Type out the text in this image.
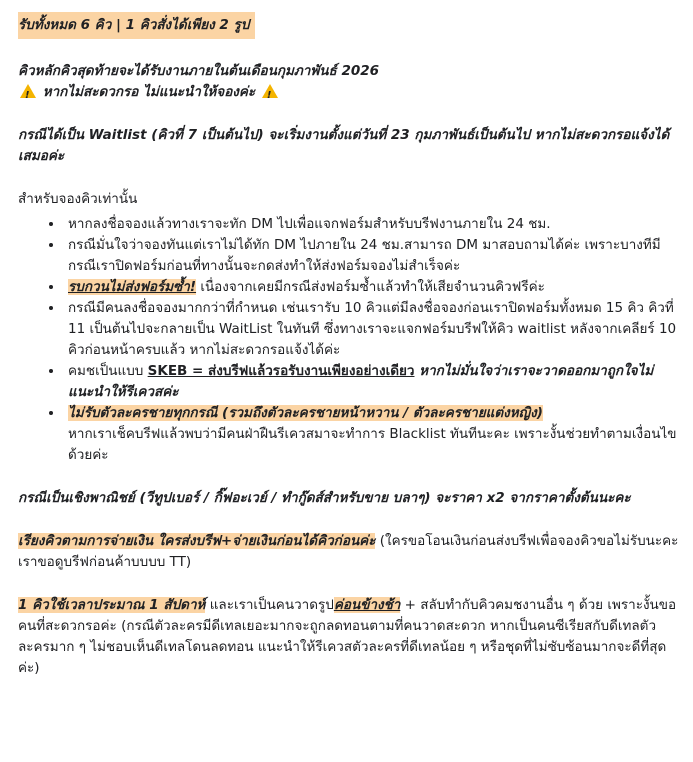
รับทั้งหมด 6 คิว | 1 คิวสั่งได้เพียง 2 รูป

คิวหลักคิวสุดท้ายจะได้รับงานภายในต้นเดือนกุมภาพันธ์ 2026

! หากไม่สะดวกรอ ไม่แนะนำให้จองค่ะ !

กรณีได้เป็น Waitlist (คิวที่ 7 เป็นต้นไป) จะเริ่มงานตั้งแต่วันที่ 23 กุมภาพันธ์เป็นต้นไป หากไม่สะดวกรอแจ้งได้เสมอค่ะ

สำหรับจองคิวเท่านั้น

• หากลงชื่อจองแล้วทางเราจะทัก DM ไปเพื่อแจกฟอร์มสำหรับบรีฟงานภายใน 24 ชม.
• กรณีมั่นใจว่าจองทันแต่เราไม่ได้ทัก DM ไปภายใน 24 ชม.สามารถ DM มาสอบถามได้ค่ะ เพราะบางทีมีกรณีเราปิดฟอร์มก่อนที่ทางนั้นจะกดส่งทำให้ส่งฟอร์มจองไม่สำเร็จค่ะ
• รบกวนไม่ส่งฟอร์มซ้ำ! เนื่องจากเคยมีกรณีส่งฟอร์มซ้ำแล้วทำให้เสียจำนวนคิวฟรีค่ะ
• กรณีมีคนลงชื่อจองมากกว่าที่กำหนด เช่นเรารับ 10 คิวแต่มีลงชื่อจองก่อนเราปิดฟอร์มทั้งหมด 15 คิว คิวที่ 11 เป็นต้นไปจะกลายเป็น WaitList ในทันที ซึ่งทางเราจะแจกฟอร์มบรีฟให้คิว waitlist หลังจากเคลียร์ 10 คิวก่อนหน้าครบแล้ว หากไม่สะดวกรอแจ้งได้ค่ะ
• คมชเป็นแบบ SKEB = ส่งบรีฟแล้วรอรับงานเพียงอย่างเดียว หากไม่มั่นใจว่าเราจะวาดออกมาถูกใจไม่แนะนำให้รีเควสค่ะ
• ไม่รับตัวละครชายทุกกรณี (รวมถึงตัวละครชายหน้าหวาน / ตัวละครชายแต่งหญิง)
หากเราเช็คบรีฟแล้วพบว่ามีคนฝ่าฝืนรีเควสมาจะทำการ Blacklist ทันทีนะคะ เพราะงั้นช่วยทำตามเงื่อนไขด้วยค่ะ

กรณีเป็นเชิงพาณิชย์ (วีทูปเบอร์ / กิ๊ฟอะเวย์ / ทำกู๊ดส์สำหรับขาย บลาๆ) จะราคา x2 จากราคาตั้งต้นนะคะ

เรียงคิวตามการจ่ายเงิน ใครส่งบรีฟ+จ่ายเงินก่อนได้คิวก่อนค่ะ (ใครขอโอนเงินก่อนส่งบรีฟเพื่อจองคิวขอไม่รับนะคะ เราขอดูบรีฟก่อนค้าบบบบ TT)

1 คิวใช้เวลาประมาณ 1 สัปดาห์ และเราเป็นคนวาดรูปค่อนข้างช้า + สลับทำกับคิวคมชงานอื่น ๆ ด้วย เพราะงั้นขอคนที่สะดวกรอค่ะ (กรณีตัวละครมีดีเทลเยอะมากจะถูกลดทอนตามที่คนวาดสะดวก หากเป็นคนซีเรียสกับดีเทลตัวละครมาก ๆ ไม่ชอบเห็นดีเทลโดนลดทอน แนะนำให้รีเควสตัวละครที่ดีเทลน้อย ๆ หรือชุดที่ไม่ซับซ้อนมากจะดีที่สุดค่ะ)
